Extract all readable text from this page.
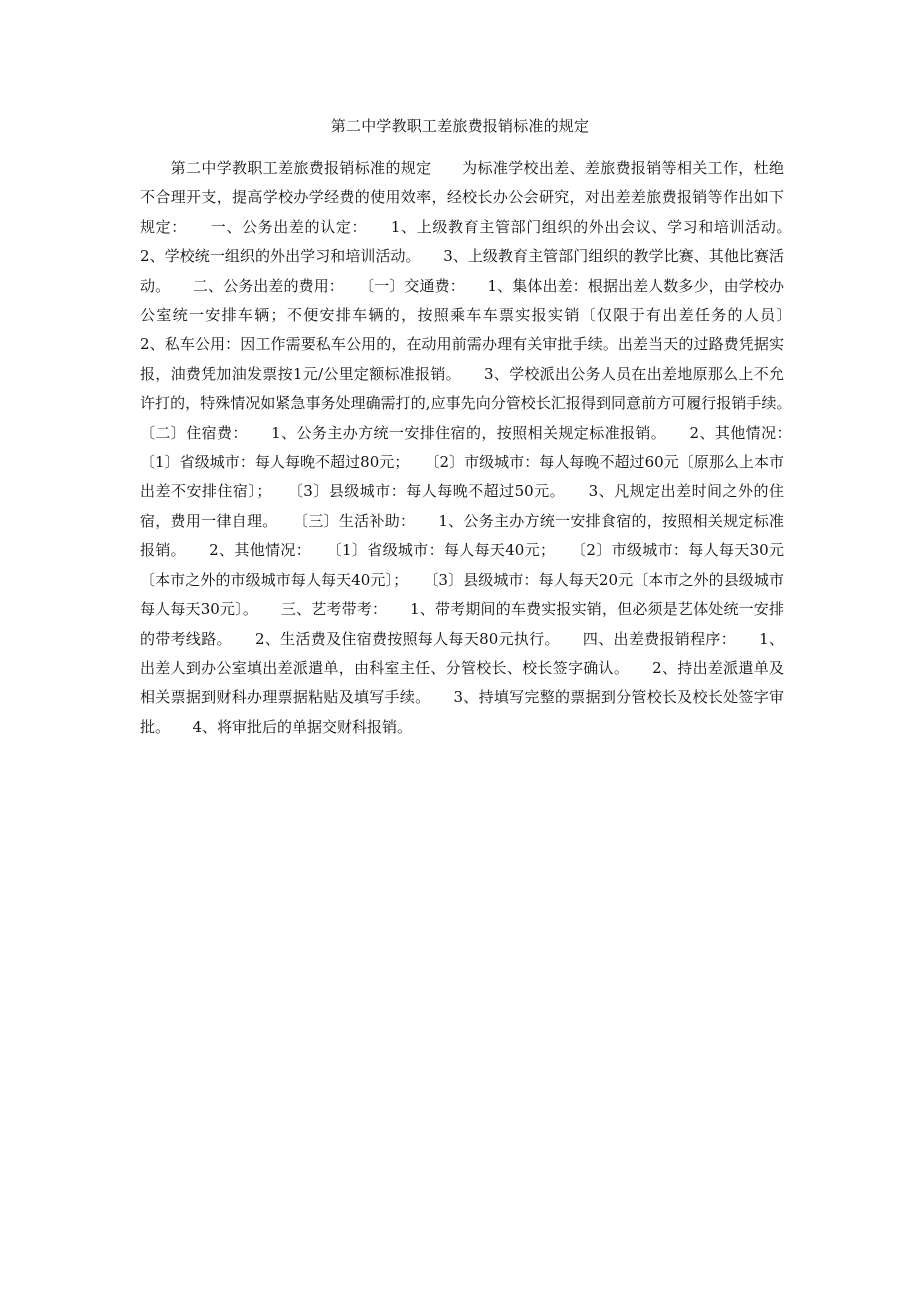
第二中学教职工差旅费报销标准的规定

　　第二中学教职工差旅费报销标准的规定　　为标准学校出差、差旅费报销等相关工作，杜绝不合理开支，提高学校办学经费的使用效率，经校长办公会研究，对出差差旅费报销等作出如下规定：　　一、公务出差的认定：　　1、上级教育主管部门组织的外出会议、学习和培训活动。　　2、学校统一组织的外出学习和培训活动。　　3、上级教育主管部门组织的教学比赛、其他比赛活动。　　二、公务出差的费用：　　〔一〕交通费：　　1、集体出差：根据出差人数多少，由学校办公室统一安排车辆；不便安排车辆的，按照乘车车票实报实销〔仅限于有出差任务的人员〕　　2、私车公用：因工作需要私车公用的，在动用前需办理有关审批手续。出差当天的过路费凭据实报，油费凭加油发票按1元/公里定额标准报销。　　3、学校派出公务人员在出差地原那么上不允许打的，特殊情况如紧急事务处理确需打的,应事先向分管校长汇报得到同意前方可履行报销手续。　　〔二〕住宿费：　　1、公务主办方统一安排住宿的，按照相关规定标准报销。　　2、其他情况：　　〔1〕省级城市：每人每晚不超过80元；　　〔2〕市级城市：每人每晚不超过60元〔原那么上本市出差不安排住宿〕；　　〔3〕县级城市：每人每晚不超过50元。　　3、凡规定出差时间之外的住宿，费用一律自理。　　〔三〕生活补助：　　1、公务主办方统一安排食宿的，按照相关规定标准报销。　　2、其他情况：　　〔1〕省级城市：每人每天40元；　　〔2〕市级城市：每人每天30元〔本市之外的市级城市每人每天40元〕；　　〔3〕县级城市：每人每天20元〔本市之外的县级城市每人每天30元〕。　　三、艺考带考：　　1、带考期间的车费实报实销，但必须是艺体处统一安排的带考线路。　　2、生活费及住宿费按照每人每天80元执行。　　四、出差费报销程序：　　1、出差人到办公室填出差派遣单，由科室主任、分管校长、校长签字确认。　　2、持出差派遣单及相关票据到财科办理票据粘贴及填写手续。　　3、持填写完整的票据到分管校长及校长处签字审批。　　4、将审批后的单据交财科报销。
